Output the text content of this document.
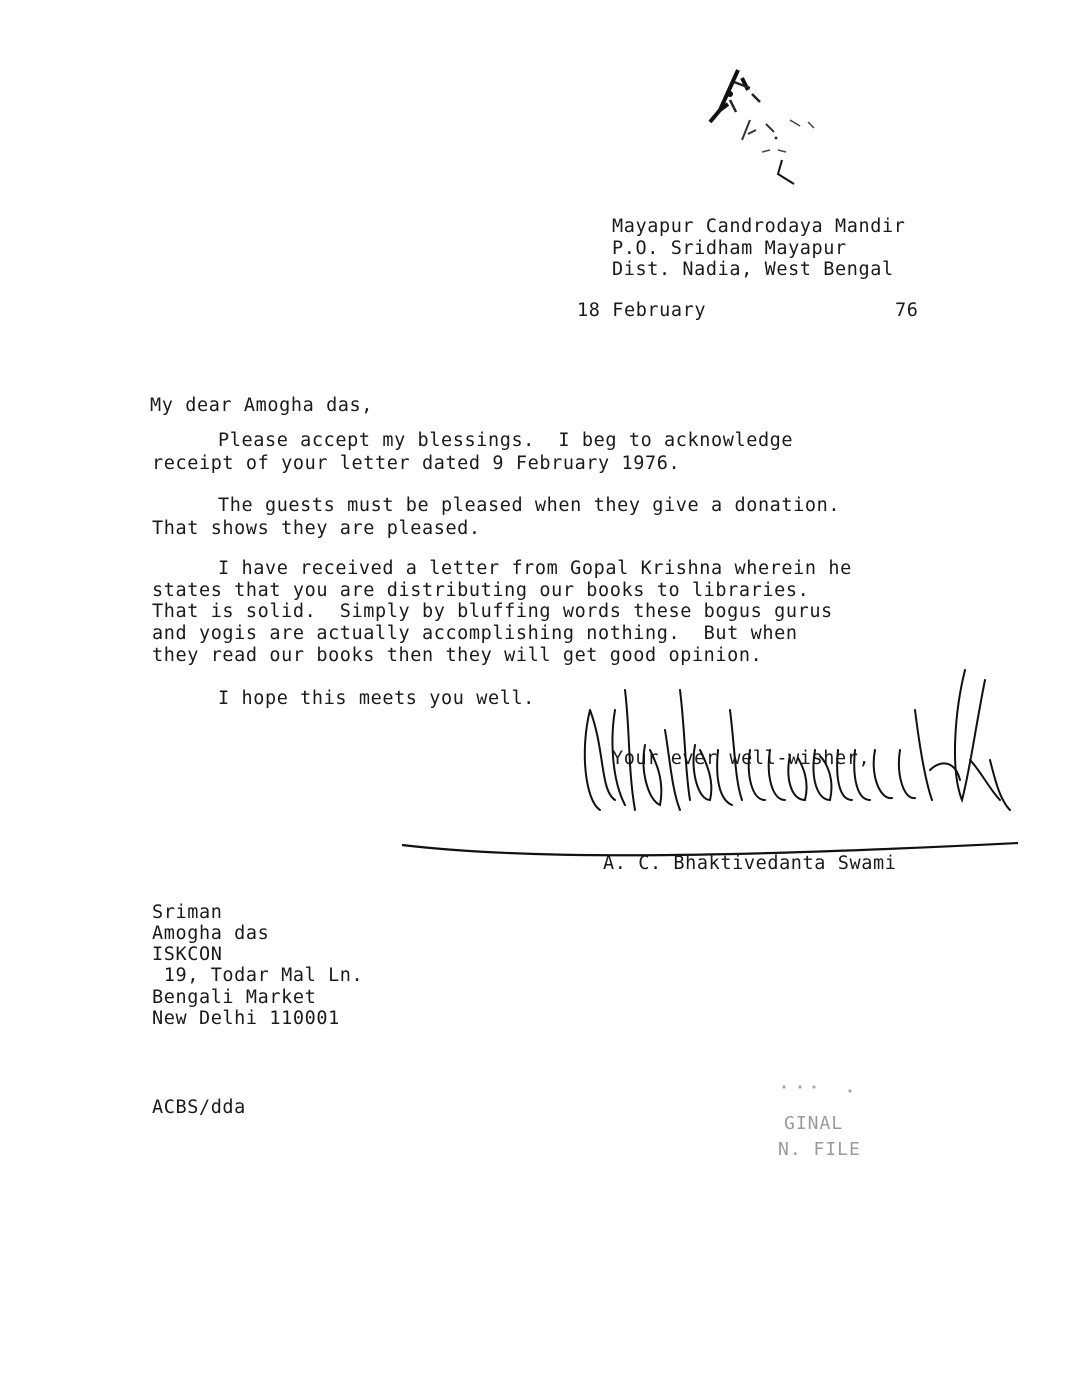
Mayapur Candrodaya Mandir
P.O. Sridham Mayapur
Dist. Nadia, West Bengal
18 February	76
My dear Amogha das,
Please accept my blessings.  I beg to acknowledge
receipt of your letter dated 9 February 1976.
The guests must be pleased when they give a donation.
That shows they are pleased.
I have received a letter from Gopal Krishna wherein he
states that you are distributing our books to libraries.
That is solid.  Simply by bluffing words these bogus gurus
and yogis are actually accomplishing nothing.  But when
they read our books then they will get good opinion.
I hope this meets you well.
Your ever well-wisher,
A. C. Bhaktivedanta Swami
Sriman
Amogha das
ISKCON
19, Todar Mal Ln.
Bengali Market
New Delhi 110001
ACBS/dda
GINAL
N. FILE
